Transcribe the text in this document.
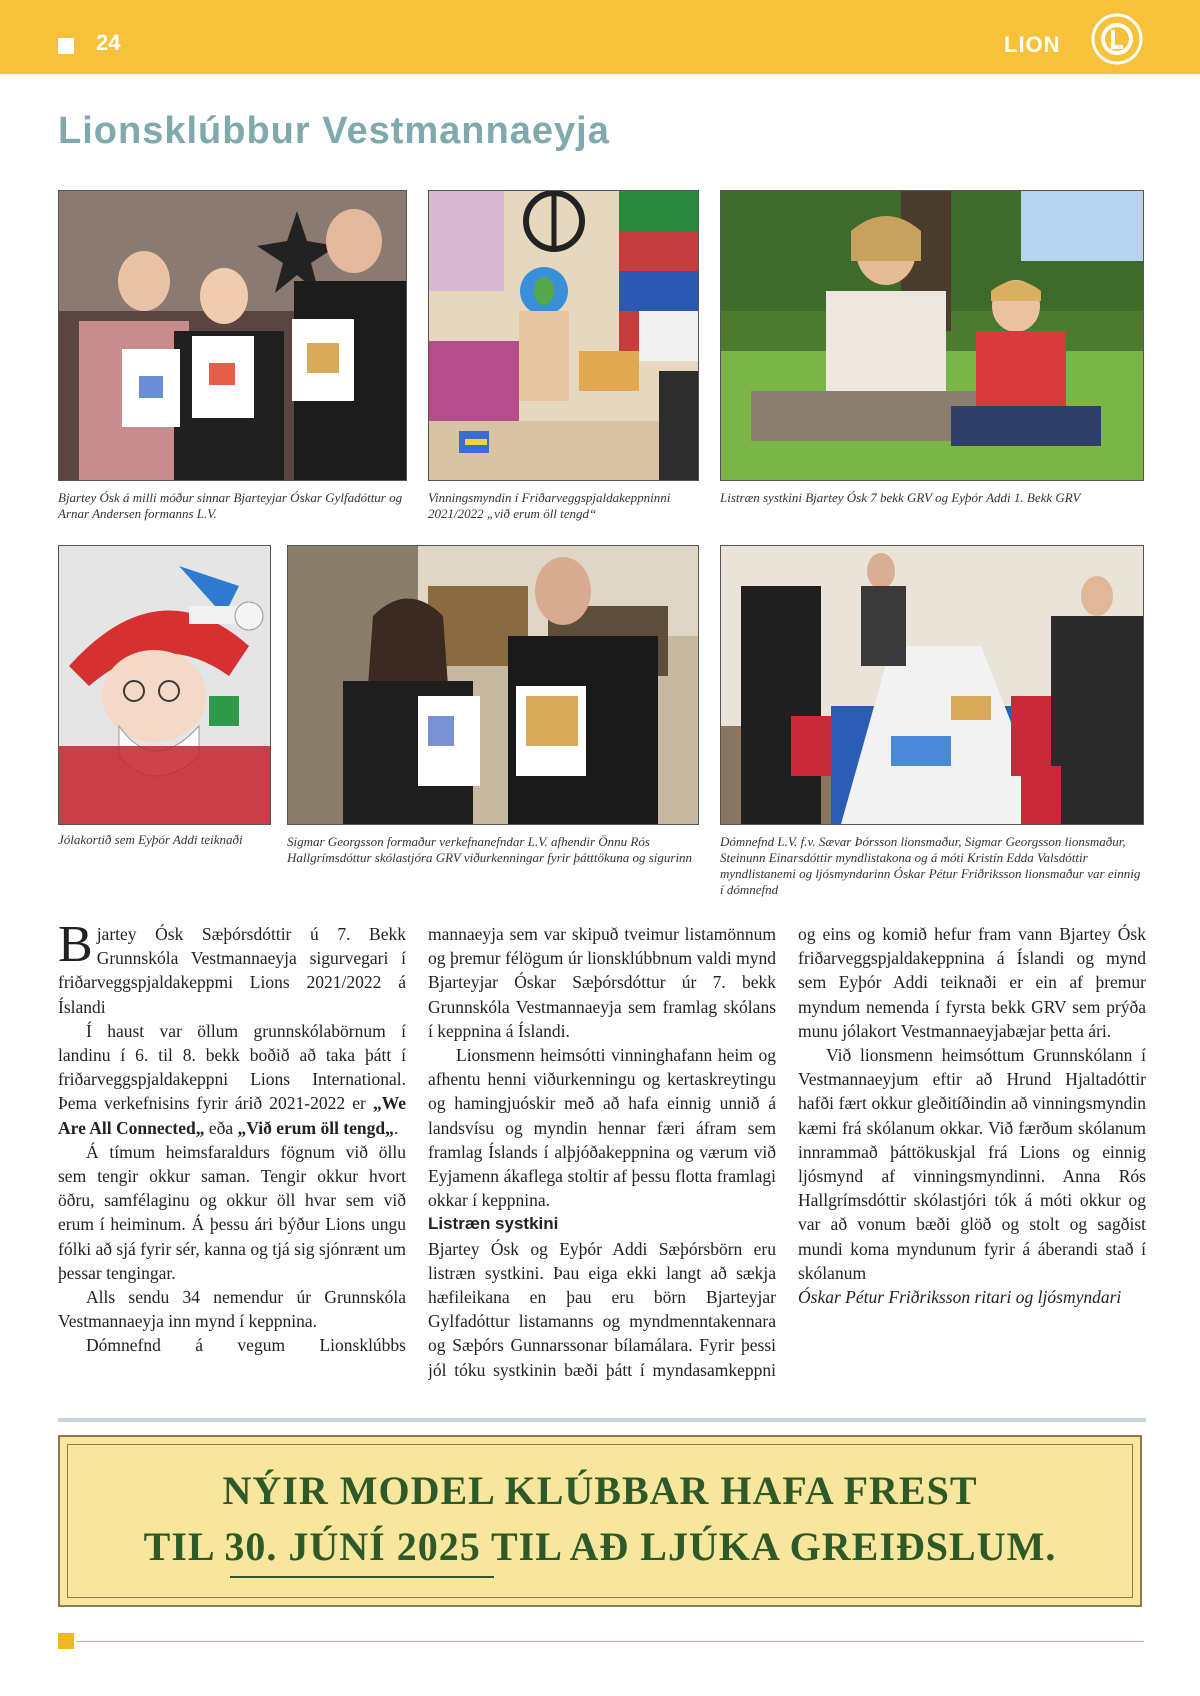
24	LION
Lionsklúbbur Vestmannaeyja
Bjartey Ósk á milli móður sinnar Bjarteyjar Óskar Gylfadóttur og Arnar Andersen formanns L.V.
Vinningsmyndin í Friðarveggspjaldakeppninni 2021/2022 „við erum öll tengd“
Listræn systkini Bjartey Ósk 7 bekk GRV og Eyþór Addi 1. Bekk GRV
Jólakortið sem Eyþór Addi teiknaði	Sigmar Georgsson formaður verkefnanefndar L.V. afhendir Önnu Rós Hallgrímsdóttur skólastjóra GRV viðurkenningar fyrir þátttökuna og sigurinn
Dómnefnd L.V. f.v. Sævar Þórsson lionsmaður, Sigmar Georgsson lionsmaður, Steinunn Einarsdóttir myndlistakona og á móti Kristín Edda Valsdóttir myndlistanemi og ljósmyndarinn Óskar Pétur Friðriksson lionsmaður var einnig í dómnefnd

Bjartey Ósk Sæþórsdóttir ú 7. Bekk Grunnskóla Vestmannaeyja sigurvegari í friðarveggspjaldakeppmi Lions 2021/2022 á Íslandi

Í haust var öllum grunnskólabörnum í landinu í 6. til 8. bekk boðið að taka þátt í friðarveggspjaldakeppni Lions International. Þema verkefnisins fyrir árið 2021-2022 er „We Are All Connected„ eða „Við erum öll tengd„.

Á tímum heimsfaraldurs fögnum við öllu sem tengir okkur saman. Tengir okkur hvort öðru, samfélaginu og okkur öll hvar sem við erum í heiminum. Á þessu ári býður Lions ungu fólki að sjá fyrir sér, kanna og tjá sig sjónrænt um þessar tengingar.

Alls sendu 34 nemendur úr Grunnskóla Vestmannaeyja inn mynd í keppnina.

Dómnefnd á vegum Lionsklúbbs

mannaeyja sem var skipuð tveimur listamönnum og þremur félögum úr lionsklúbbnum valdi mynd Bjarteyjar Óskar Sæþórsdóttur úr 7. bekk Grunnskóla Vestmannaeyja sem framlag skólans í keppnina á Íslandi.

Lionsmenn heimsótti vinninghafann heim og afhentu henni viðurkenningu og kertaskreytingu og hamingjuóskir með að hafa einnig unnið á landsvísu og myndin hennar færi áfram sem framlag Íslands í alþjóðakeppnina og værum við Eyjamenn ákaflega stoltir af þessu flotta framlagi okkar í keppnina.

Listræn systkini

Bjartey Ósk og Eyþór Addi Sæþórsbörn eru listræn systkini. Þau eiga ekki langt að sækja hæfileikana en þau eru börn Bjarteyjar Gylfadóttur listamanns og myndmenntakennara og Sæþórs Gunnarssonar bílamálara. Fyrir þessi jól tóku systkinin bæði þátt í myndasamkeppni

og eins og komið hefur fram vann Bjartey Ósk friðarveggspjaldakeppnina á Íslandi og mynd sem Eyþór Addi teiknaði er ein af þremur myndum nemenda í fyrsta bekk GRV sem prýða munu jólakort Vestmannaeyjabæjar þetta ári.

Við lionsmenn heimsóttum Grunnskólann í Vestmannaeyjum eftir að Hrund Hjaltadóttir hafði fært okkur gleðitíðindin að vinningsmyndin kæmi frá skólanum okkar. Við færðum skólanum innrammað þáttökuskjal frá Lions og einnig ljósmynd af vinningsmyndinni. Anna Rós Hallgrímsdóttir skólastjóri tók á móti okkur og var að vonum bæði glöð og stolt og sagðist mundi koma myndunum fyrir á áberandi stað í skólanum

Óskar Pétur Friðriksson ritari og ljósmyndari

NÝIR MODEL KLÚBBAR HAFA FREST
TIL 30. JÚNÍ 2025 TIL AÐ LJÚKA GREIÐSLUM.
